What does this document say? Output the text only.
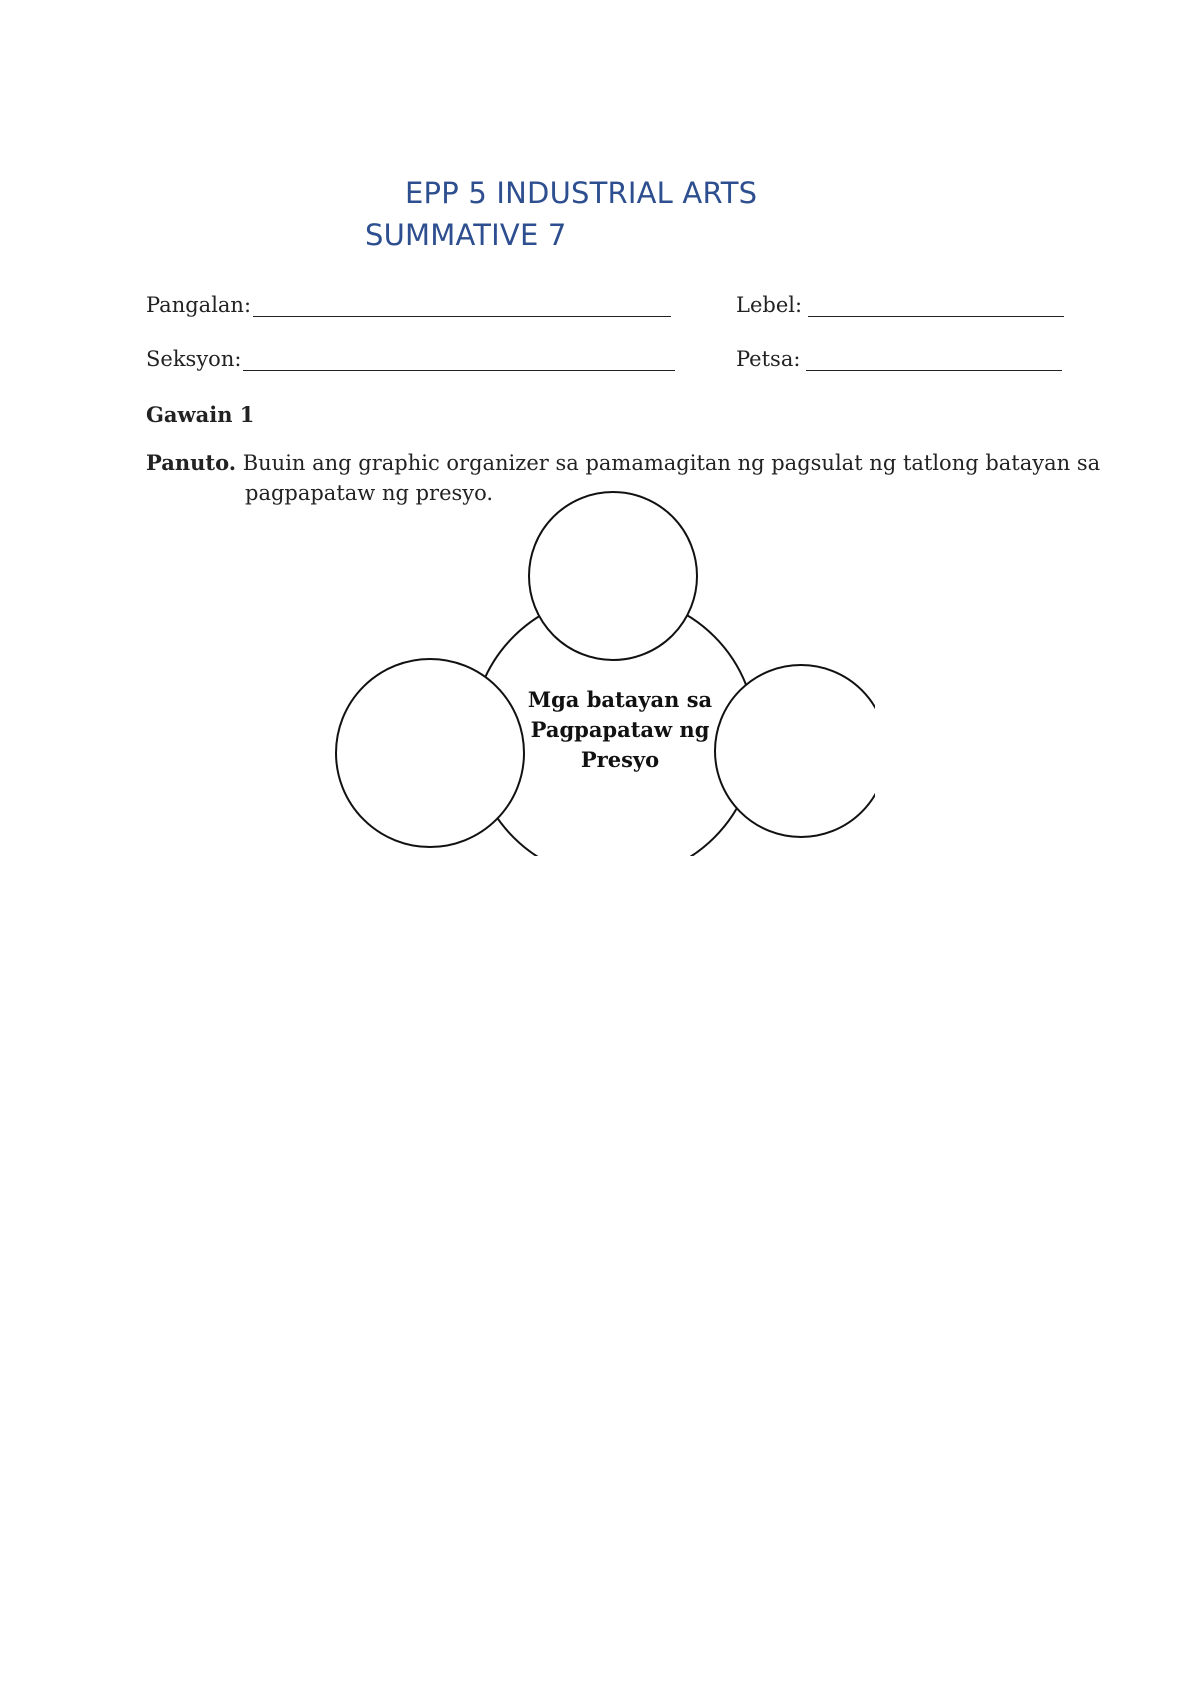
EPP 5 INDUSTRIAL ARTS
SUMMATIVE 7
Pangalan:	Lebel:
Seksyon:	Petsa:
Gawain 1
Panuto. Buuin ang graphic organizer sa pamamagitan ng pagsulat ng tatlong batayan sa
pagpapataw ng presyo.
Mga batayan sa
Pagpapataw ng
Presyo
